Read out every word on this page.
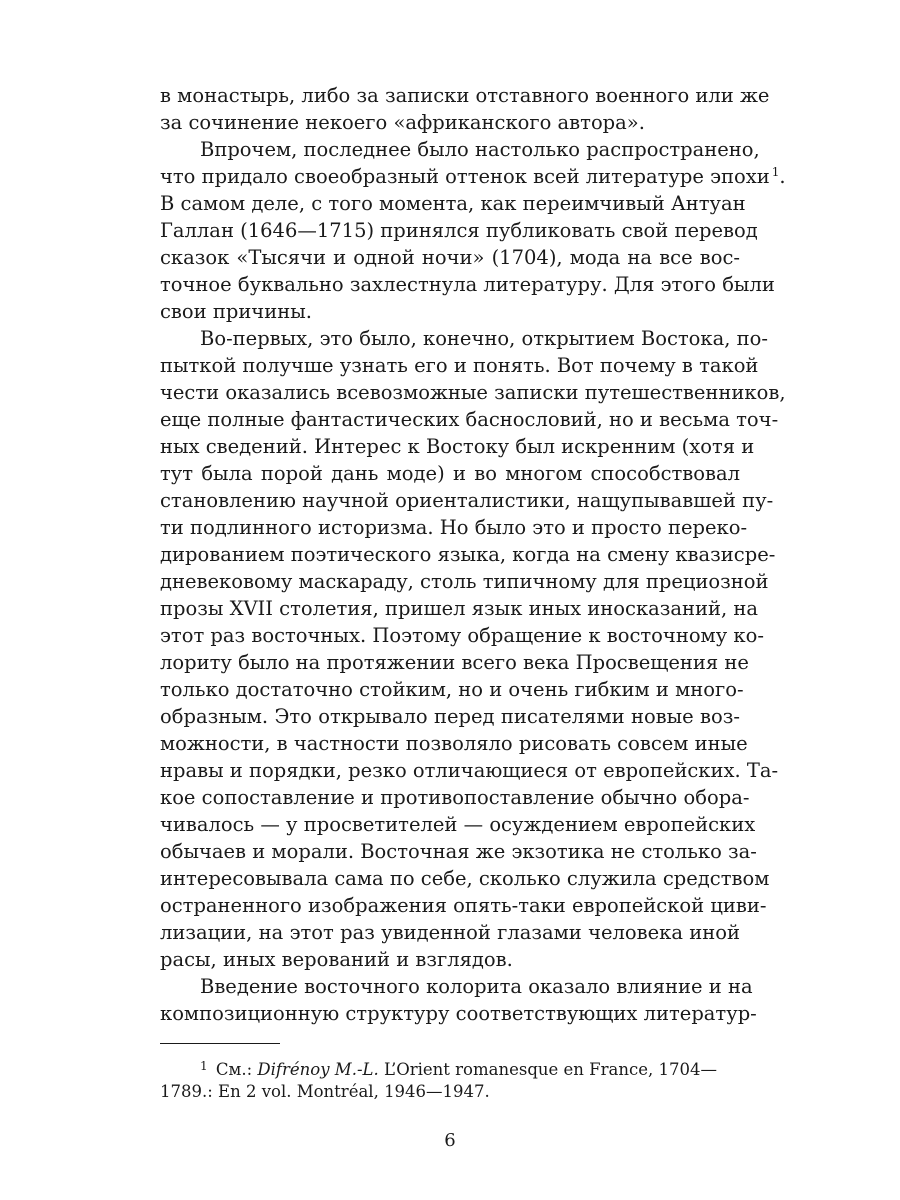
в монастырь, либо за записки отставного военного или же
за сочинение некоего «африканского автора».
Впрочем, последнее было настолько распространено,
что придало своеобразный оттенок всей литературе эпохи $^1$.
В самом деле, с того момента, как переимчивый Антуан
Галлан (1646—1715) принялся публиковать свой перевод
сказок «Тысячи и одной ночи» (1704), мода на все вос-
точное буквально захлестнула литературу. Для этого были
свои причины.
Во-первых, это было, конечно, открытием Востока, по-
пыткой получше узнать его и понять. Вот почему в такой
чести оказались всевозможные записки путешественников,
еще полные фантастических баснословий, но и весьма точ-
ных сведений. Интерес к Востоку был искренним (хотя и
тут была порой дань моде) и во многом способствовал
становлению научной ориенталистики, нащупывавшей пу-
ти подлинного историзма. Но было это и просто переко-
дированием поэтического языка, когда на смену квазисре-
дневековому маскараду, столь типичному для прециозной
прозы XVII столетия, пришел язык иных иносказаний, на
этот раз восточных. Поэтому обращение к восточному ко-
лориту было на протяжении всего века Просвещения не
только достаточно стойким, но и очень гибким и много-
образным. Это открывало перед писателями новые воз-
можности, в частности позволяло рисовать совсем иные
нравы и порядки, резко отличающиеся от европейских. Та-
кое сопоставление и противопоставление обычно обора-
чивалось — у просветителей — осуждением европейских
обычаев и морали. Восточная же экзотика не столько за-
интересовывала сама по себе, сколько служила средством
остраненного изображения опять-таки европейской циви-
лизации, на этот раз увиденной глазами человека иной
расы, иных верований и взглядов.
Введение восточного колорита оказало влияние и на
композиционную структуру соответствующих литератур-
$^1$ См.: Difrénoy M.-L. L’Orient romanesque en France, 1704—
1789.: En 2 vol. Montréal, 1946—1947.
6
